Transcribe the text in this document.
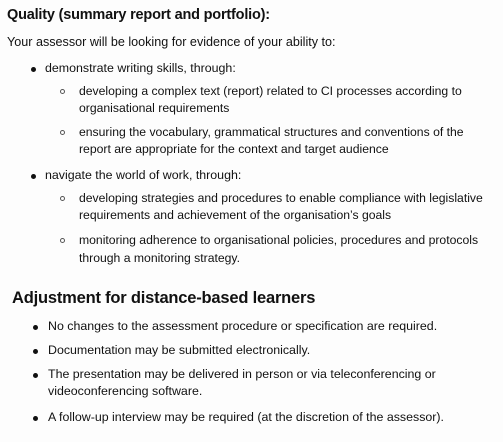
Quality (summary report and portfolio):
Your assessor will be looking for evidence of your ability to:
demonstrate writing skills, through:
developing a complex text (report) related to CI processes according to
organisational requirements
ensuring the vocabulary, grammatical structures and conventions of the
report are appropriate for the context and target audience
navigate the world of work, through:
developing strategies and procedures to enable compliance with legislative
requirements and achievement of the organisation’s goals
monitoring adherence to organisational policies, procedures and protocols
through a monitoring strategy.
Adjustment for distance-based learners
No changes to the assessment procedure or specification are required.
Documentation may be submitted electronically.
The presentation may be delivered in person or via teleconferencing or
videoconferencing software.
A follow-up interview may be required (at the discretion of the assessor).
